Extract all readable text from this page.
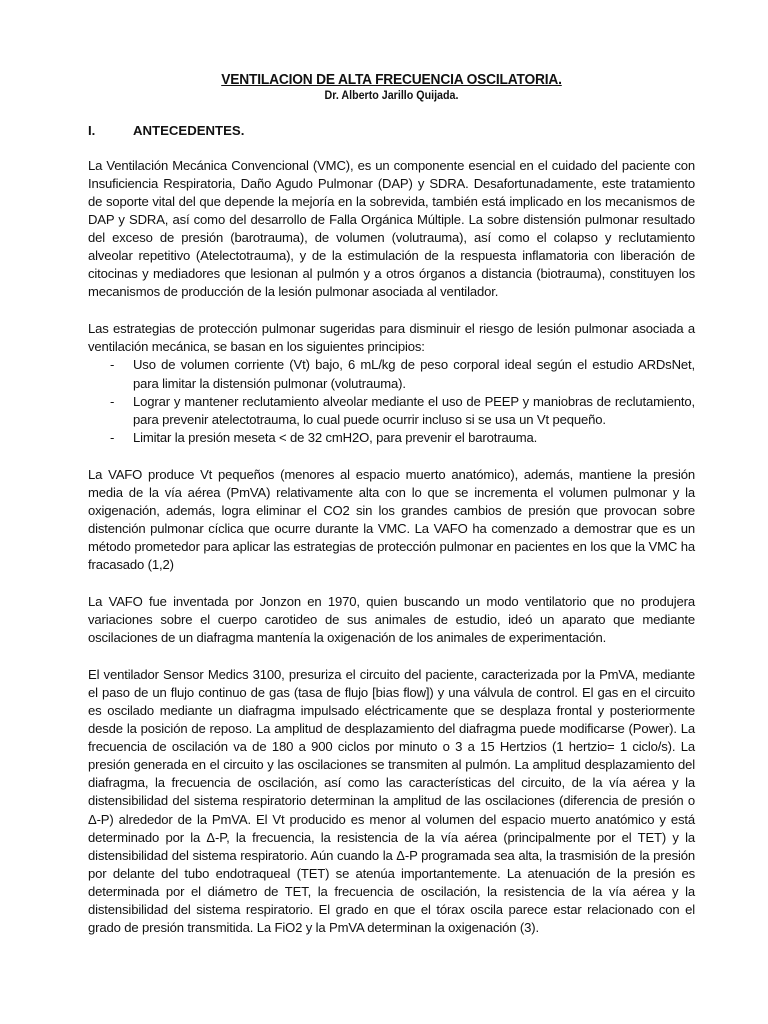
VENTILACION DE ALTA FRECUENCIA OSCILATORIA.

Dr. Alberto Jarillo Quijada.

I.	ANTECEDENTES.

La Ventilación Mecánica Convencional (VMC), es un componente esencial en el cuidado del paciente con Insuficiencia Respiratoria, Daño Agudo Pulmonar (DAP) y SDRA. Desafortunadamente, este tratamiento de soporte vital del que depende la mejoría en la sobrevida, también está implicado en los mecanismos de DAP y SDRA, así como del desarrollo de Falla Orgánica Múltiple. La sobre distensión pulmonar resultado del exceso de presión (barotrauma), de volumen (volutrauma), así como el colapso y reclutamiento alveolar repetitivo (Atelectotrauma), y de la estimulación de la respuesta inflamatoria con liberación de citocinas y mediadores que lesionan al pulmón y a otros órganos a distancia (biotrauma), constituyen los mecanismos de producción de la lesión pulmonar asociada al ventilador.

Las estrategias de protección pulmonar sugeridas para disminuir el riesgo de lesión pulmonar asociada a ventilación mecánica, se basan en los siguientes principios:

- Uso de volumen corriente (Vt) bajo, 6 mL/kg de peso corporal ideal según el estudio ARDsNet, para limitar la distensión pulmonar (volutrauma).
- Lograr y mantener reclutamiento alveolar mediante el uso de PEEP y maniobras de reclutamiento, para prevenir atelectotrauma, lo cual puede ocurrir incluso si se usa un Vt pequeño.
- Limitar la presión meseta < de 32 cmH2O, para prevenir el barotrauma.

La VAFO produce Vt pequeños (menores al espacio muerto anatómico), además, mantiene la presión media de la vía aérea (PmVA) relativamente alta con lo que se incrementa el volumen pulmonar y la oxigenación, además, logra eliminar el CO2 sin los grandes cambios de presión que provocan sobre distención pulmonar cíclica que ocurre durante la VMC. La VAFO ha comenzado a demostrar que es un método prometedor para aplicar las estrategias de protección pulmonar en pacientes en los que la VMC ha fracasado (1,2)

La VAFO fue inventada por Jonzon en 1970, quien buscando un modo ventilatorio que no produjera variaciones sobre el cuerpo carotideo de sus animales de estudio, ideó un aparato que mediante oscilaciones de un diafragma mantenía la oxigenación de los animales de experimentación.

El ventilador Sensor Medics 3100, presuriza el circuito del paciente, caracterizada por la PmVA, mediante el paso de un flujo continuo de gas (tasa de flujo [bias flow]) y una válvula de control. El gas en el circuito es oscilado mediante un diafragma impulsado eléctricamente que se desplaza frontal y posteriormente desde la posición de reposo. La amplitud de desplazamiento del diafragma puede modificarse (Power). La frecuencia de oscilación va de 180 a 900 ciclos por minuto o 3 a 15 Hertzios (1 hertzio= 1 ciclo/s). La presión generada en el circuito y las oscilaciones se transmiten al pulmón. La amplitud desplazamiento del diafragma, la frecuencia de oscilación, así como las características del circuito, de la vía aérea y la distensibilidad del sistema respiratorio determinan la amplitud de las oscilaciones (diferencia de presión o Δ-P) alrededor de la PmVA. El Vt producido es menor al volumen del espacio muerto anatómico y está determinado por la Δ-P, la frecuencia, la resistencia de la vía aérea (principalmente por el TET) y la distensibilidad del sistema respiratorio. Aún cuando la Δ-P programada sea alta, la trasmisión de la presión por delante del tubo endotraqueal (TET) se atenúa importantemente. La atenuación de la presión es determinada por el diámetro de TET, la frecuencia de oscilación, la resistencia de la vía aérea y la distensibilidad del sistema respiratorio. El grado en que el tórax oscila parece estar relacionado con el grado de presión transmitida. La FiO2 y la PmVA determinan la oxigenación (3).
